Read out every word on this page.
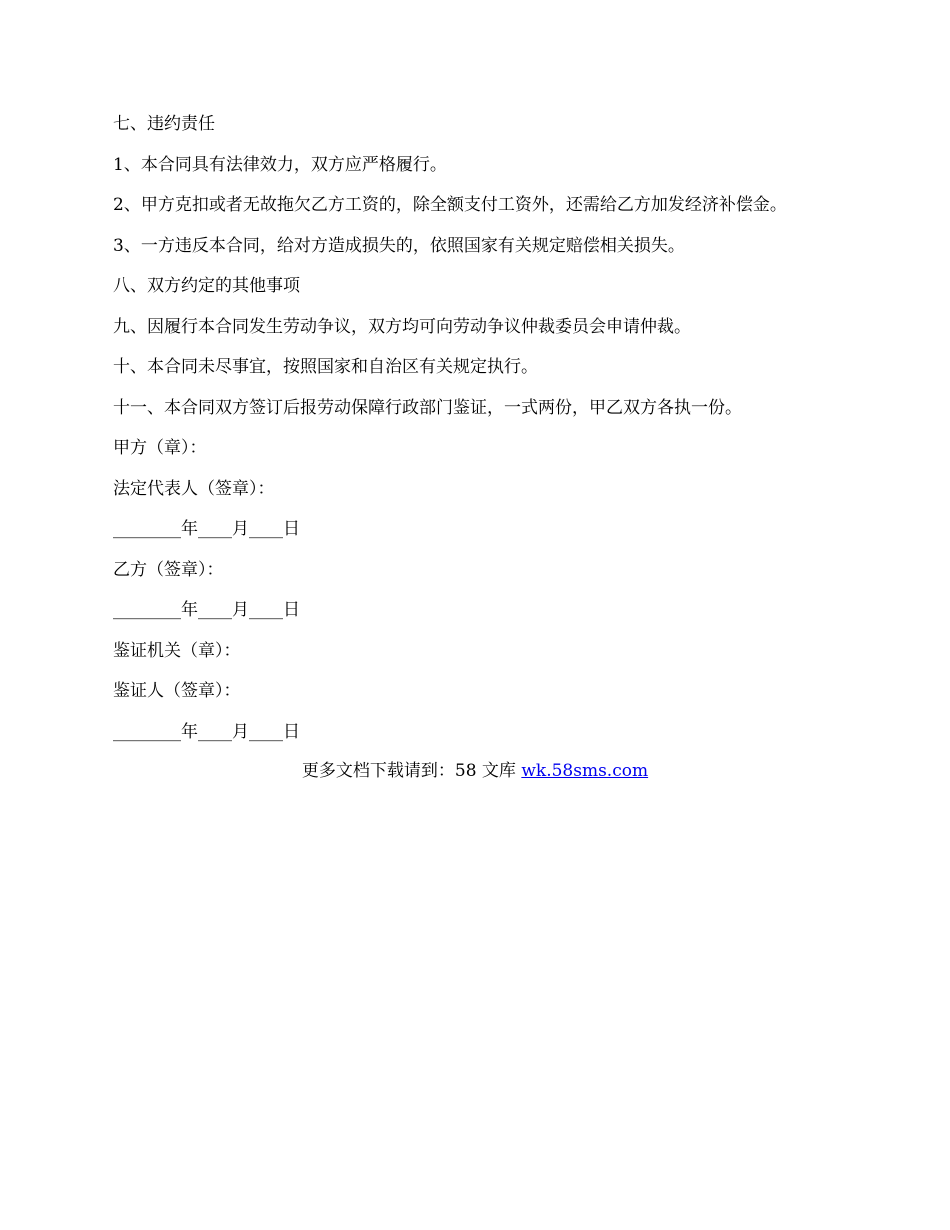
七、违约责任
1、本合同具有法律效力，双方应严格履行。
2、甲方克扣或者无故拖欠乙方工资的，除全额支付工资外，还需给乙方加发经济补偿金。
3、一方违反本合同，给对方造成损失的，依照国家有关规定赔偿相关损失。
八、双方约定的其他事项
九、因履行本合同发生劳动争议，双方均可向劳动争议仲裁委员会申请仲裁。
十、本合同未尽事宜，按照国家和自治区有关规定执行。
十一、本合同双方签订后报劳动保障行政部门鉴证，一式两份，甲乙双方各执一份。
甲方（章）：
法定代表人（签章）：
________年____月____日
乙方（签章）：
________年____月____日
鉴证机关（章）：
鉴证人（签章）：
________年____月____日
更多文档下载请到：58 文库 wk.58sms.com
